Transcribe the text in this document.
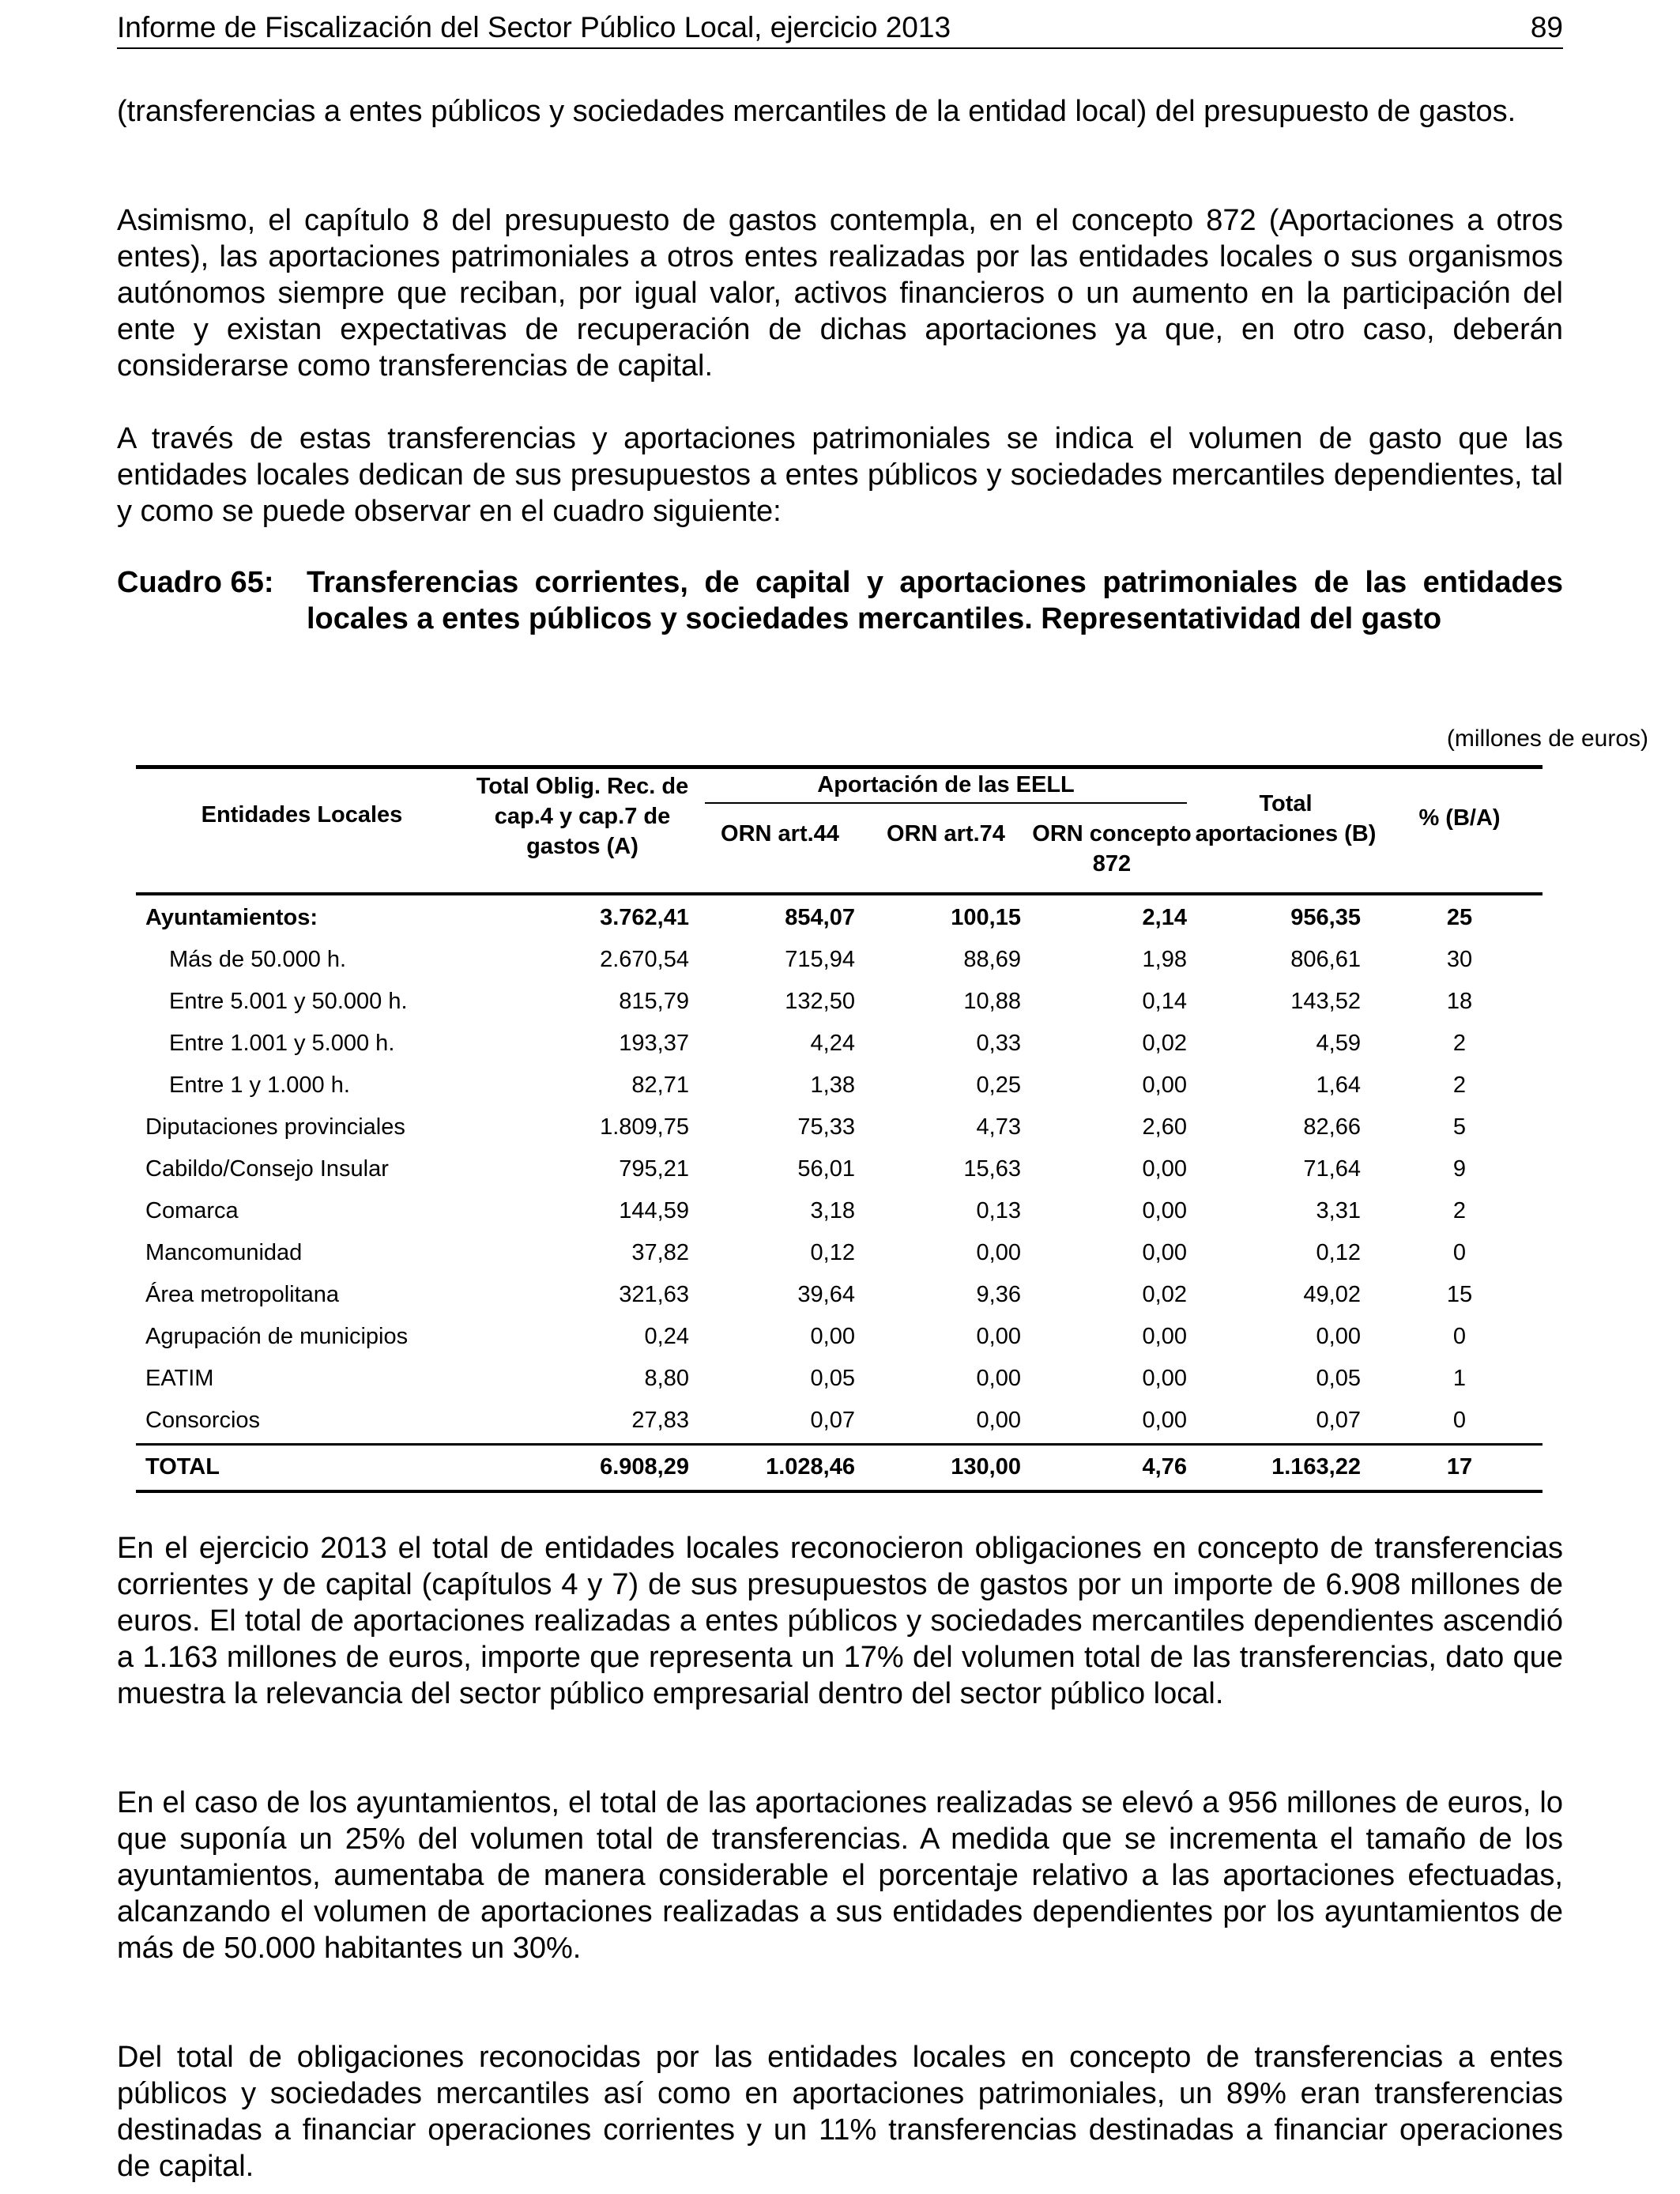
Informe de Fiscalización del Sector Público Local, ejercicio 2013	89

(transferencias a entes públicos y sociedades mercantiles de la entidad local) del presupuesto de gastos.

Asimismo, el capítulo 8 del presupuesto de gastos contempla, en el concepto 872 (Aportaciones a otros entes), las aportaciones patrimoniales a otros entes realizadas por las entidades locales o sus organismos autónomos siempre que reciban, por igual valor, activos financieros o un aumento en la participación del ente y existan expectativas de recuperación de dichas aportaciones ya que, en otro caso, deberán considerarse como transferencias de capital.

A través de estas transferencias y aportaciones patrimoniales se indica el volumen de gasto que las entidades locales dedican de sus presupuestos a entes públicos y sociedades mercantiles dependientes, tal y como se puede observar en el cuadro siguiente:

Cuadro 65: Transferencias corrientes, de capital y aportaciones patrimoniales de las entidades locales a entes públicos y sociedades mercantiles. Representatividad del gasto

En el ejercicio 2013 el total de entidades locales reconocieron obligaciones en concepto de transferencias corrientes y de capital (capítulos 4 y 7) de sus presupuestos de gastos por un importe de 6.908 millones de euros. El total de aportaciones realizadas a entes públicos y sociedades mercantiles dependientes ascendió a 1.163 millones de euros, importe que representa un 17% del volumen total de las transferencias, dato que muestra la relevancia del sector público empresarial dentro del sector público local.

En el caso de los ayuntamientos, el total de las aportaciones realizadas se elevó a 956 millones de euros, lo que suponía un 25% del volumen total de transferencias. A medida que se incrementa el tamaño de los ayuntamientos, aumentaba de manera considerable el porcentaje relativo a las aportaciones efectuadas, alcanzando el volumen de aportaciones realizadas a sus entidades dependientes por los ayuntamientos de más de 50.000 habitantes un 30%.

Del total de obligaciones reconocidas por las entidades locales en concepto de transferencias a entes públicos y sociedades mercantiles así como en aportaciones patrimoniales, un 89% eran transferencias destinadas a financiar operaciones corrientes y un 11% transferencias destinadas a financiar operaciones de capital.

(millones de euros)
Entidades Locales
Total Oblig. Rec. de cap.4 y cap.7 de gastos (A)
Aportación de las EELL
ORN art.44	ORN art.74	ORN concepto 872
Total aportaciones (B)
% (B/A)
Ayuntamientos:	3.762,41	854,07	100,15	2,14	956,35	25
Más de 50.000 h.	2.670,54	715,94	88,69	1,98	806,61	30
Entre 5.001 y 50.000 h.	815,79	132,50	10,88	0,14	143,52	18
Entre 1.001 y 5.000 h.	193,37	4,24	0,33	0,02	4,59	2
Entre 1 y 1.000 h.	82,71	1,38	0,25	0,00	1,64	2
Diputaciones provinciales	1.809,75	75,33	4,73	2,60	82,66	5
Cabildo/Consejo Insular	795,21	56,01	15,63	0,00	71,64	9
Comarca	144,59	3,18	0,13	0,00	3,31	2
Mancomunidad	37,82	0,12	0,00	0,00	0,12	0
Área metropolitana	321,63	39,64	9,36	0,02	49,02	15
Agrupación de municipios	0,24	0,00	0,00	0,00	0,00	0
EATIM	8,80	0,05	0,00	0,00	0,05	1
Consorcios	27,83	0,07	0,00	0,00	0,07	0
TOTAL	6.908,29	1.028,46	130,00	4,76	1.163,22	17
